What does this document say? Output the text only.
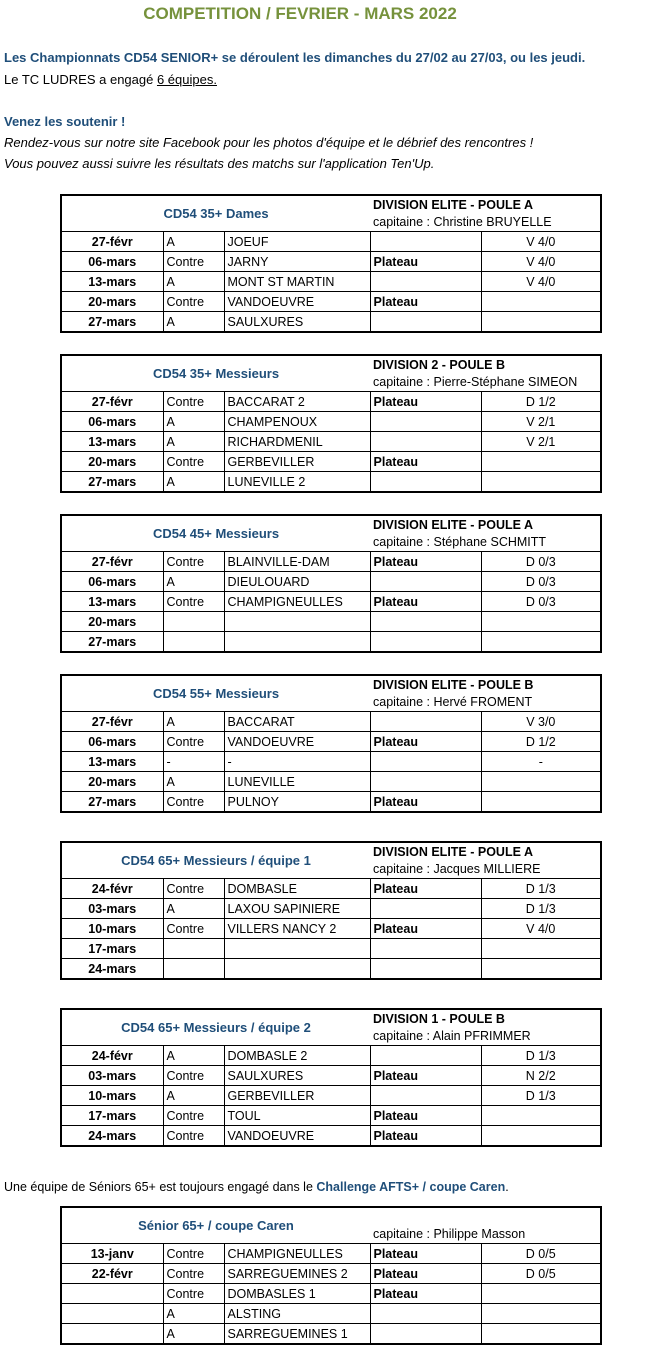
COMPETITION / FEVRIER - MARS 2022
Les Championnats CD54 SENIOR+ se déroulent les dimanches du 27/02 au 27/03, ou les jeudi.
Le TC LUDRES a engagé 6 équipes.
Venez les soutenir !
Rendez-vous sur notre site Facebook pour les photos d'équipe et le débrief des rencontres !
Vous pouvez aussi suivre les résultats des matchs sur l'application Ten'Up.
CD54 35+ Dames			DIVISION ELITE - POULE A	
			capitaine : Christine BRUYELLE	
27-févr	A	JOEUF		V 4/0
06-mars	Contre	JARNY	Plateau	V 4/0
13-mars	A	MONT ST MARTIN		V 4/0
20-mars	Contre	VANDOEUVRE	Plateau	
27-mars	A	SAULXURES		
CD54 35+ Messieurs			DIVISION 2 - POULE B	
			capitaine : Pierre-Stéphane SIMEON	
27-févr	Contre	BACCARAT 2	Plateau	D 1/2
06-mars	A	CHAMPENOUX		V 2/1
13-mars	A	RICHARDMENIL		V 2/1
20-mars	Contre	GERBEVILLER	Plateau	
27-mars	A	LUNEVILLE 2		
CD54 45+ Messieurs			DIVISION ELITE - POULE A	
			capitaine : Stéphane SCHMITT	
27-févr	Contre	BLAINVILLE-DAM	Plateau	D 0/3
06-mars	A	DIEULOUARD		D 0/3
13-mars	Contre	CHAMPIGNEULLES	Plateau	D 0/3
20-mars				
27-mars				
CD54 55+ Messieurs			DIVISION ELITE - POULE B	
			capitaine : Hervé FROMENT	
27-févr	A	BACCARAT		V 3/0
06-mars	Contre	VANDOEUVRE	Plateau	D 1/2
13-mars	-	-		-
20-mars	A	LUNEVILLE		
27-mars	Contre	PULNOY	Plateau	
CD54 65+ Messieurs / équipe 1			DIVISION ELITE - POULE A	
			capitaine : Jacques MILLIERE	
24-févr	Contre	DOMBASLE	Plateau	D 1/3
03-mars	A	LAXOU SAPINIERE		D 1/3
10-mars	Contre	VILLERS NANCY 2	Plateau	V 4/0
17-mars				
24-mars				
CD54 65+ Messieurs / équipe 2			DIVISION 1 - POULE B	
			capitaine : Alain PFRIMMER	
24-févr	A	DOMBASLE 2		D 1/3
03-mars	Contre	SAULXURES	Plateau	N 2/2
10-mars	A	GERBEVILLER		D 1/3
17-mars	Contre	TOUL	Plateau	
24-mars	Contre	VANDOEUVRE	Plateau	
Sénior 65+ / coupe Caren				
			capitaine : Philippe Masson	
13-janv	Contre	CHAMPIGNEULLES	Plateau	D 0/5
22-févr	Contre	SARREGUEMINES 2	Plateau	D 0/5
	Contre	DOMBASLES 1	Plateau	
	A	ALSTING		
	A	SARREGUEMINES 1		
Une équipe de Séniors 65+ est toujours engagé dans le Challenge AFTS+ / coupe Caren.
